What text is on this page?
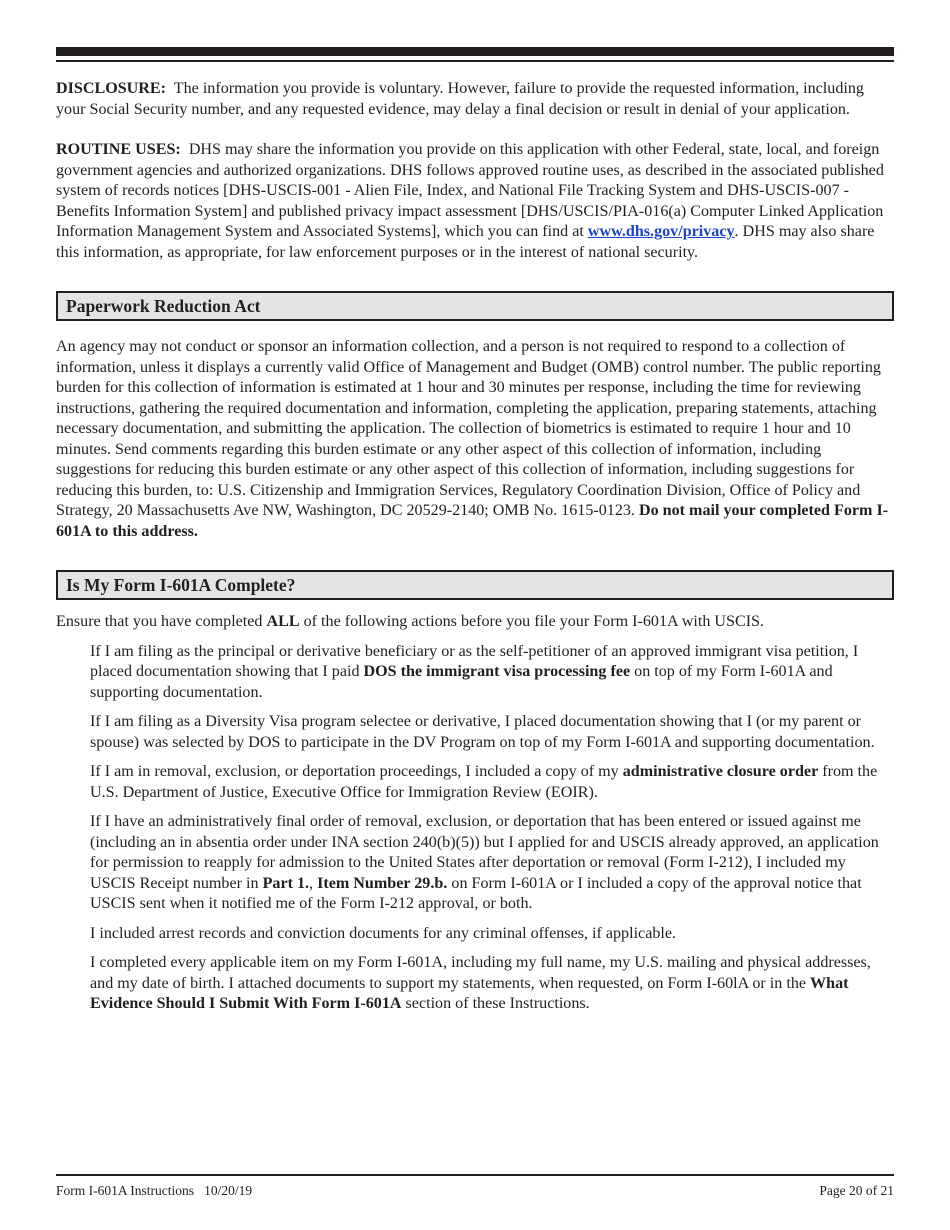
DISCLOSURE: The information you provide is voluntary. However, failure to provide the requested information, including your Social Security number, and any requested evidence, may delay a final decision or result in denial of your application.

ROUTINE USES: DHS may share the information you provide on this application with other Federal, state, local, and foreign government agencies and authorized organizations. DHS follows approved routine uses, as described in the associated published system of records notices [DHS-USCIS-001 - Alien File, Index, and National File Tracking System and DHS-USCIS-007 - Benefits Information System] and published privacy impact assessment [DHS/USCIS/PIA-016(a) Computer Linked Application Information Management System and Associated Systems], which you can find at www.dhs.gov/privacy. DHS may also share this information, as appropriate, for law enforcement purposes or in the interest of national security.

Paperwork Reduction Act

An agency may not conduct or sponsor an information collection, and a person is not required to respond to a collection of information, unless it displays a currently valid Office of Management and Budget (OMB) control number. The public reporting burden for this collection of information is estimated at 1 hour and 30 minutes per response, including the time for reviewing instructions, gathering the required documentation and information, completing the application, preparing statements, attaching necessary documentation, and submitting the application. The collection of biometrics is estimated to require 1 hour and 10 minutes. Send comments regarding this burden estimate or any other aspect of this collection of information, including suggestions for reducing this burden estimate or any other aspect of this collection of information, including suggestions for reducing this burden, to: U.S. Citizenship and Immigration Services, Regulatory Coordination Division, Office of Policy and Strategy, 20 Massachusetts Ave NW, Washington, DC 20529-2140; OMB No. 1615-0123. Do not mail your completed Form I-601A to this address.

Is My Form I-601A Complete?

Ensure that you have completed ALL of the following actions before you file your Form I-601A with USCIS.

If I am filing as the principal or derivative beneficiary or as the self-petitioner of an approved immigrant visa petition, I placed documentation showing that I paid DOS the immigrant visa processing fee on top of my Form I-601A and supporting documentation.

If I am filing as a Diversity Visa program selectee or derivative, I placed documentation showing that I (or my parent or spouse) was selected by DOS to participate in the DV Program on top of my Form I-601A and supporting documentation.

If I am in removal, exclusion, or deportation proceedings, I included a copy of my administrative closure order from the U.S. Department of Justice, Executive Office for Immigration Review (EOIR).

If I have an administratively final order of removal, exclusion, or deportation that has been entered or issued against me (including an in absentia order under INA section 240(b)(5)) but I applied for and USCIS already approved, an application for permission to reapply for admission to the United States after deportation or removal (Form I-212), I included my USCIS Receipt number in Part 1., Item Number 29.b. on Form I-601A or I included a copy of the approval notice that USCIS sent when it notified me of the Form I-212 approval, or both.

I included arrest records and conviction documents for any criminal offenses, if applicable.

I completed every applicable item on my Form I-601A, including my full name, my U.S. mailing and physical addresses, and my date of birth. I attached documents to support my statements, when requested, on Form I-60lA or in the What Evidence Should I Submit With Form I-601A section of these Instructions.

Form I-601A Instructions   10/20/19	Page 20 of 21
